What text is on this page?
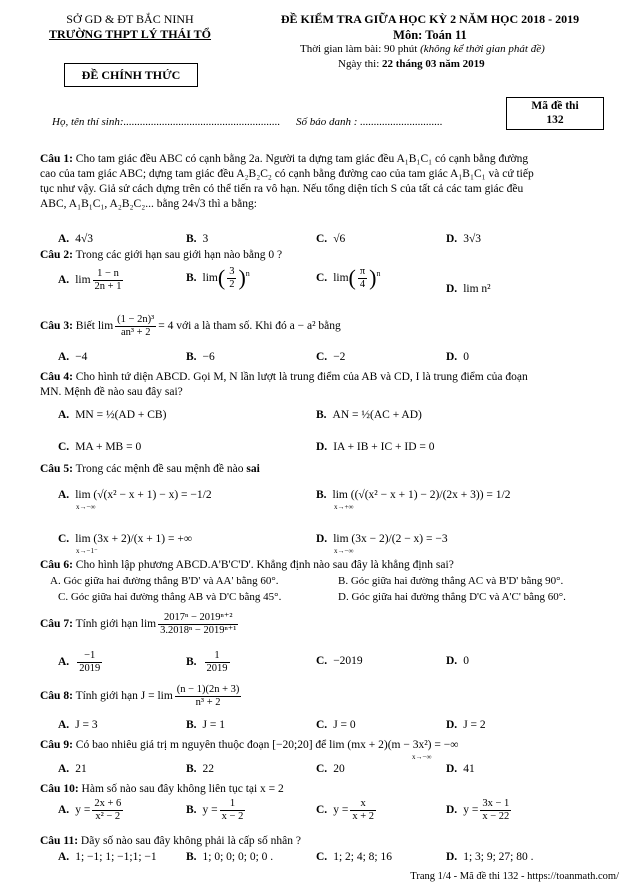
SỞ GD & ĐT BẮC NINH
TRƯỜNG THPT LÝ THÁI TỔ
ĐỀ CHÍNH THỨC
ĐỀ KIỂM TRA GIỮA HỌC KỲ 2 NĂM HỌC 2018 - 2019
Môn: Toán 11
Thời gian làm bài: 90 phút (không kể thời gian phát đề)
Ngày thi: 22 tháng 03 năm 2019
Họ, tên thí sinh:......................................................... Số báo danh : ..............................
Mã đề thi
132
Câu 1: Cho tam giác đều ABC có cạnh bằng 2a. Người ta dựng tam giác đều A₁B₁C₁ có cạnh bằng đường
cao của tam giác ABC; dựng tam giác đều A₂B₂C₂ có cạnh bằng đường cao của tam giác A₁B₁C₁ và cứ tiếp
tục như vậy. Giả sử cách dựng trên có thể tiến ra vô hạn. Nếu tổng diện tích S của tất cả các tam giác đều
ABC, A₁B₁C₁, A₂B₂C₂... bằng 24√3 thì a bằng:
A. 4√3	B. 3	C. √6	D. 3√3
Câu 2: Trong các giới hạn sau giới hạn nào bằng 0 ?
A. $\lim \frac{1 - n}{2n + 1}$	B. $\lim( \frac{3}{2} )^n$	C. $\lim( \frac{\pi}{4} )^n$
D. lim n²
Câu 3: Biết $\lim \frac{\text{(1 − 2n)³}}{\text{an³ + 2}} = 4$ với a là tham số. Khi đó a − a² bằng
A. −4	B. −6	C. −2	D. 0
Câu 4: Cho hình tứ diện ABCD. Gọi M, N lần lượt là trung điểm của AB và CD, I là trung điểm của đoạn
MN. Mệnh đề nào sau đây sai?
A. MN = ½(AD + CB)	B. AN = ½(AC + AD)
C. MA + MB = 0	D. IA + IB + IC + ID = 0
Câu 5: Trong các mệnh đề sau mệnh đề nào sai
A. lim (√(x² − x + 1) − x) = −1/2
x→−∞
B. lim ((√(x² − x + 1) − 2)/(2x + 3)) = 1/2
x→+∞
C. lim (3x + 2)/(x + 1) = +∞
x→−1⁻
D. lim (3x − 2)/(2 − x) = −3
x→−∞
Câu 6: Cho hình lập phương ABCD.A'B'C'D'. Khẳng định nào sau đây là khẳng định sai?
A. Góc giữa hai đường thẳng B'D' và AA' bằng 60°.	B. Góc giữa hai đường thẳng AC và B'D' bằng 90°.
C. Góc giữa hai đường thẳng AB và D'C bằng 45°.	D. Góc giữa hai đường thẳng D'C và A'C' bằng 60°.
Câu 7: Tính giới hạn $\lim \frac{\text{2017ⁿ − 2019ⁿ⁺²}}{\text{3.2018ⁿ − 2019ⁿ⁺¹}}$
A. $\frac{-1}{2019}$	B. $\frac{1}{2019}$	C. −2019	D. 0
Câu 8: Tính giới hạn $J = \lim \frac{(n - 1)(2n + 3)}{\text{n³ + 2}}$
A. J = 3	B. J = 1	C. J = 0	D. J = 2
Câu 9: Có bao nhiêu giá trị m nguyên thuộc đoạn [−20;20] để lim (mx + 2)(m − 3x²) = −∞
x→−∞
A. 21	B. 22	C. 20	D. 41
Câu 10: Hàm số nào sau đây không liên tục tại x = 2
A. $y = \frac{2x + 6}{\text{x² − 2}}$	B. $y = \frac{1}{x - 2}$	C. $y = \frac{x}{x + 2}$	D. $y = \frac{3x - 1}{x - 22}$
Câu 11: Dãy số nào sau đây không phải là cấp số nhân ?
A. 1; −1; 1; −1;1; −1	B. 1; 0; 0; 0; 0; 0 .	C. 1; 2; 4; 8; 16	D. 1; 3; 9; 27; 80 .
Trang 1/4 - Mã đề thi 132 - https://toanmath.com/
